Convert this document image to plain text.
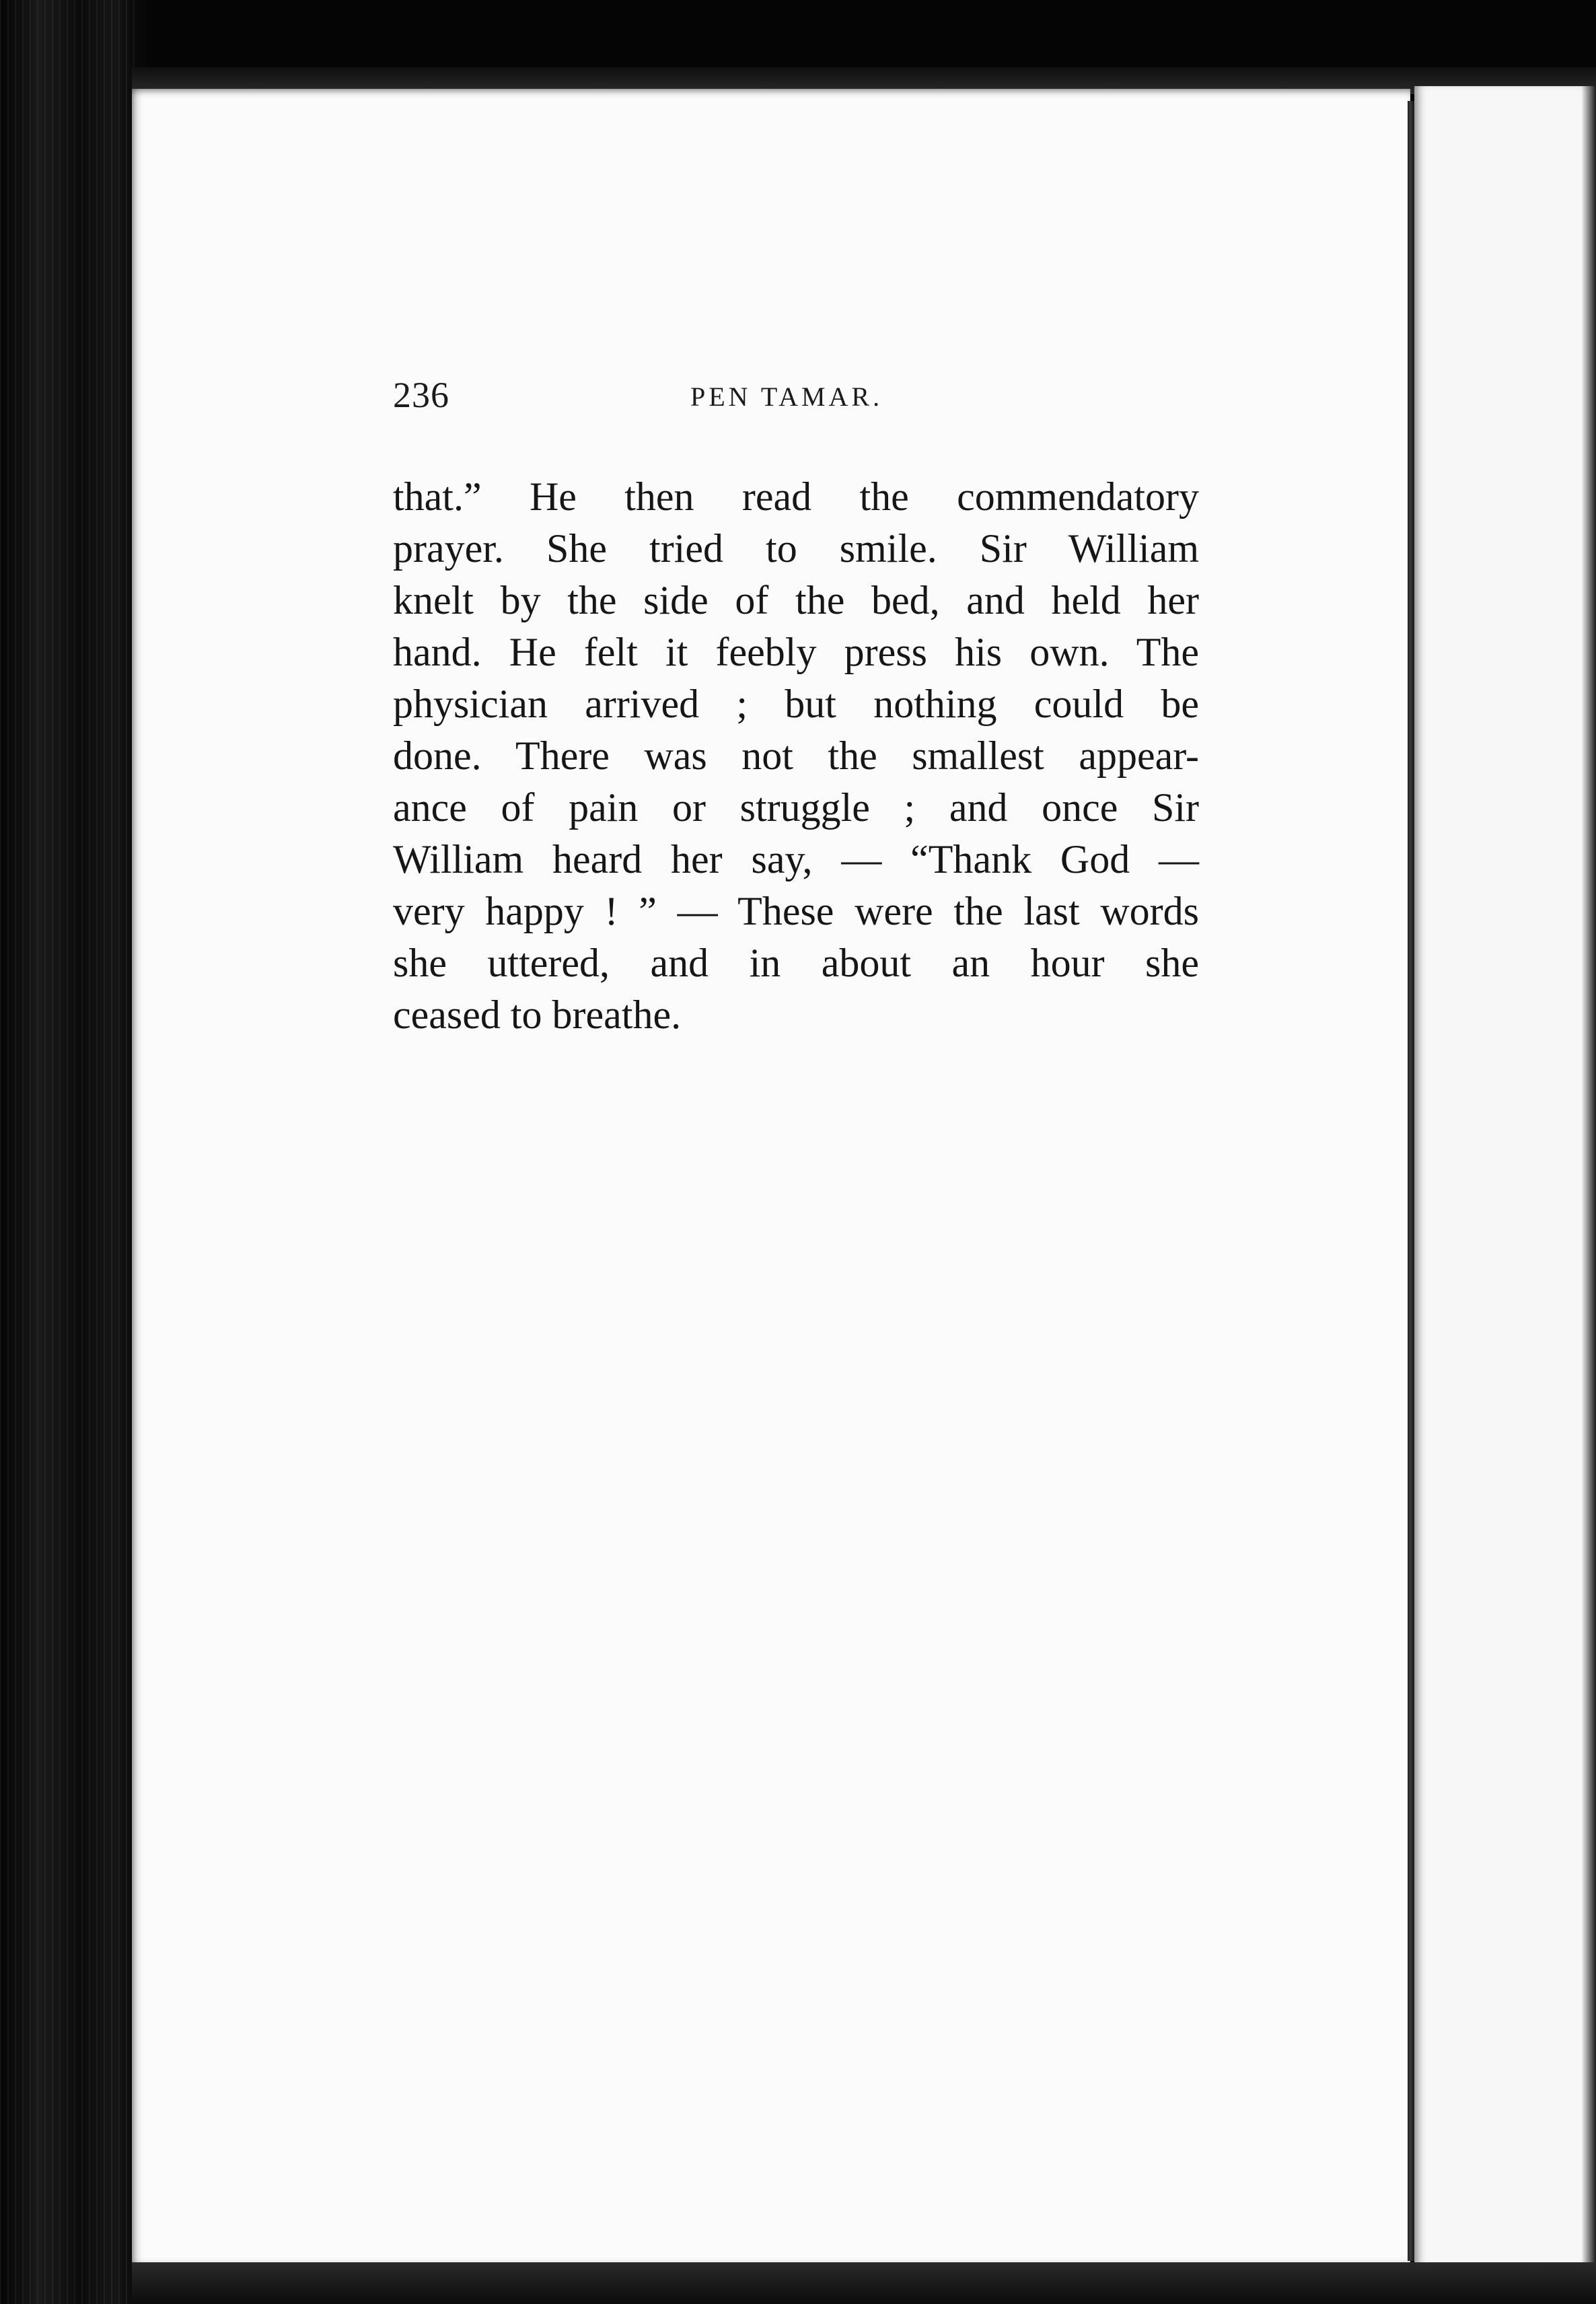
236	PEN TAMAR.
that.” He then read the commendatory
prayer. She tried to smile. Sir William
knelt by the side of the bed, and held her
hand. He felt it feebly press his own. The
physician arrived ; but nothing could be
done. There was not the smallest appear-
ance of pain or struggle ; and once Sir
William heard her say, — “Thank God —
very happy ! ” — These were the last words
she uttered, and in about an hour she
ceased to breathe.
